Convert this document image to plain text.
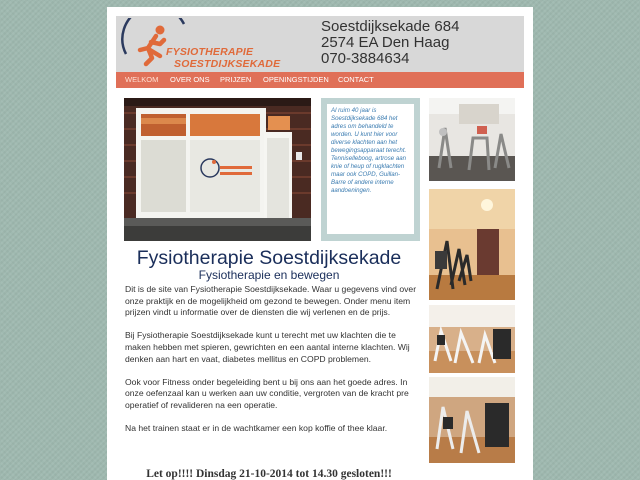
FYSIOTHERAPIE
SOESTDIJKSEKADE
Soestdijksekade 684
2574 EA Den Haag
070-3884634
WELKOM OVER ONS PRIJZEN OPENINGSTIJDEN CONTACT

Al ruim 40 jaar is Soestdijksekade 684 het adres om behandeld te worden. U kunt hier voor diverse klachten aan het bewegingsapparaat terecht. Tenniselleboog, artrose aan knie of heup of rugklachten maar ook COPD, Guillan-Barre of andere interne aandoeningen.

Fysiotherapie Soestdijksekade
Fysiotherapie en bewegen

Dit is de site van Fysiotherapie Soestdijksekade. Waar u gegevens vind over onze praktijk en de mogelijkheid om gezond te bewegen. Onder menu item prijzen vindt u informatie over de diensten die wij verlenen en de prijs.

Bij Fysiotherapie Soestdijksekade kunt u terecht met uw klachten die te maken hebben met spieren, gewrichten en een aantal interne klachten. Wij denken aan hart en vaat, diabetes mellitus en COPD problemen.

Ook voor Fitness onder begeleiding bent u bij ons aan het goede adres. In onze oefenzaal kan u werken aan uw conditie, vergroten van de kracht pre operatief of revalideren na een operatie.

Na het trainen staat er in de wachtkamer een kop koffie of thee klaar.

Let op!!!! Dinsdag 21-10-2014 tot 14.30 gesloten!!!
